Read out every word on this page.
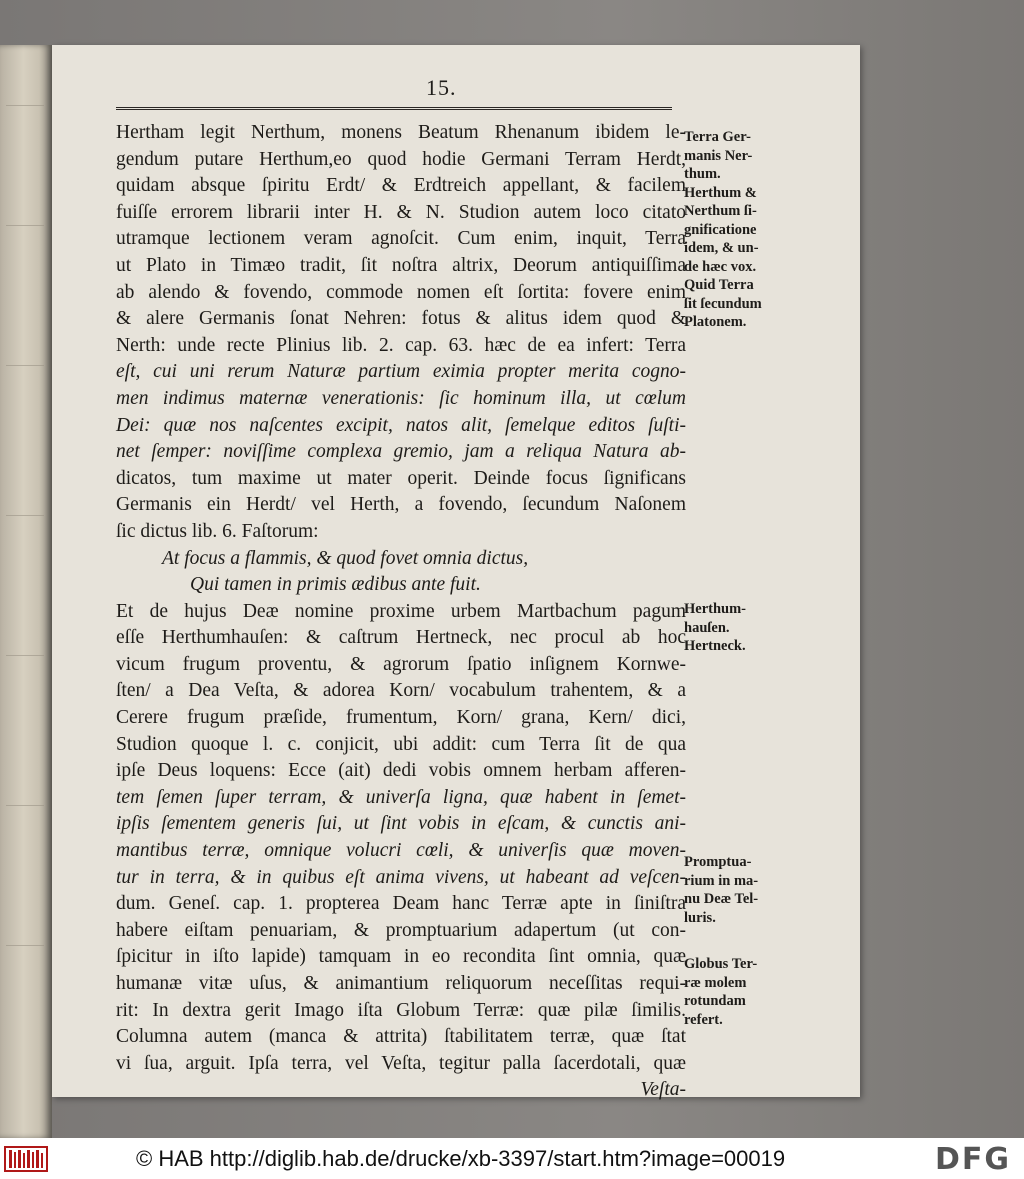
15.
Hertham legit Nerthum, monens Beatum Rhenanum ibidem le-
gendum putare Herthum,eo quod hodie Germani Terram Herdt,
quidam absque ſpiritu Erdt/ & Erdtreich appellant, & facilem
fuiſſe errorem librarii inter H. & N. Studion autem loco citato
utramque lectionem veram agnoſcit. Cum enim, inquit, Terra
ut Plato in Timæo tradit, ſit noſtra altrix, Deorum antiquiſſima
ab alendo & fovendo, commode nomen eſt ſortita: fovere enim
& alere Germanis ſonat Nehren: fotus & alitus idem quod &
Nerth: unde recte Plinius lib. 2. cap. 63. hæc de ea infert: Terra
eſt, cui uni rerum Naturæ partium eximia propter merita cogno-
men indimus maternæ venerationis: ſic hominum illa, ut cœlum
Dei: quæ nos naſcentes excipit, natos alit, ſemelque editos ſuſti-
net ſemper: noviſſime complexa gremio, jam a reliqua Natura ab-
dicatos, tum maxime ut mater operit. Deinde focus ſignificans
Germanis ein Herdt/ vel Herth, a fovendo, ſecundum Naſonem
ſic dictus lib. 6. Faſtorum:
At focus a flammis, & quod fovet omnia dictus,
Qui tamen in primis ædibus ante fuit.
Et de hujus Deæ nomine proxime urbem Martbachum pagum
eſſe Herthumhauſen: & caſtrum Hertneck, nec procul ab hoc
vicum frugum proventu, & agrorum ſpatio inſignem Kornwe-
ſten/ a Dea Veſta, & adorea Korn/ vocabulum trahentem, & a
Cerere frugum præſide, frumentum, Korn/ grana, Kern/ dici,
Studion quoque l. c. conjicit, ubi addit: cum Terra ſit de qua
ipſe Deus loquens: Ecce (ait) dedi vobis omnem herbam afferen-
tem ſemen ſuper terram, & univerſa ligna, quæ habent in ſemet-
ipſis ſementem generis ſui, ut ſint vobis in eſcam, & cunctis ani-
mantibus terræ, omnique volucri cœli, & univerſis quæ moven-
tur in terra, & in quibus eſt anima vivens, ut habeant ad veſcen-
dum. Geneſ. cap. 1. propterea Deam hanc Terræ apte in ſiniſtra
habere eiſtam penuariam, & promptuarium adapertum (ut con-
ſpicitur in iſto lapide) tamquam in eo recondita ſint omnia, quæ
humanæ vitæ uſus, & animantium reliquorum neceſſitas requi-
rit: In dextra gerit Imago iſta Globum Terræ: quæ pilæ ſimilis.
Columna autem (manca & attrita) ſtabilitatem terræ, quæ ſtat
vi ſua, arguit. Ipſa terra, vel Veſta, tegitur palla ſacerdotali, quæ
Veſta-
Terra Ger-
manis Ner-
thum.
Herthum &
Nerthum ſi-
gnificatione
idem, & un-
de hæc vox.
Quid Terra
ſit ſecundum
Platonem.
Herthum-
hauſen.
Hertneck.
Promptua-
rium in ma-
nu Deæ Tel-
luris.
Globus Ter-
ræ molem
rotundam
refert.
© HAB http://diglib.hab.de/drucke/xb-3397/start.htm?image=00019	DFG
